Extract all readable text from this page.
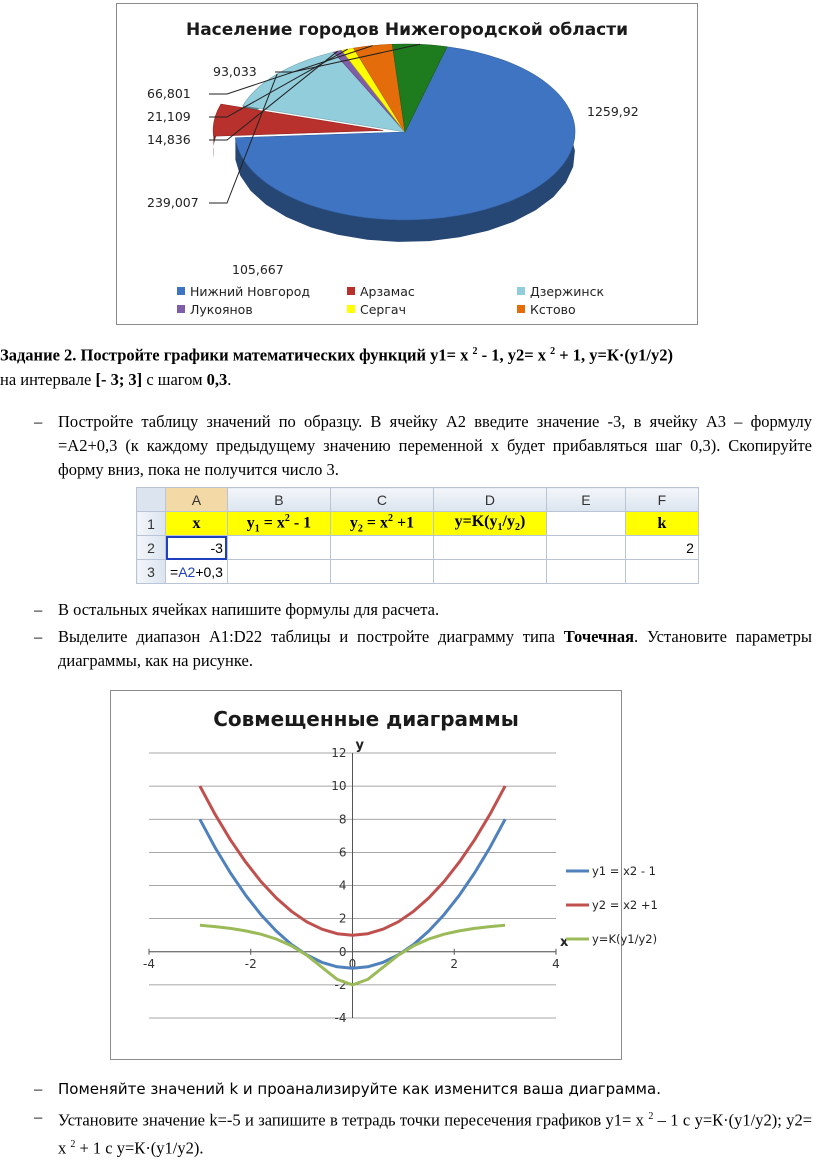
Население городов Нижегородской области
1259,92
105,667
239,007
14,836
21,109
66,801
93,033
Нижний Новгород	Арзамас	Дзержинск
Лукоянов	Сергач	Кстово
Задание 2. Постройте графики математических функций y1= x $^2$ - 1, y2= x $^2$ + 1, y=К·(y1/y2)
на интервале [- 3; 3] с шагом 0,3.
– Постройте таблицу значений по образцу. В ячейку А2 введите значение -3, в ячейку А3 – формулу =А2+0,3 (к каждому предыдущему значению переменной х будет прибавляться шаг 0,3). Скопируйте форму вниз, пока не получится число 3.

	A	B	C	D	E	F
1	x	$y_1 = x^2 - 1$	$y_2 = x^2 +1$	$y=K(y_1/y_2)$		k
2	-3					2
3	=A2+0,3					
– В остальных ячейках напишите формулы для расчета.

– Выделите диапазон А1:D22 таблицы и постройте диаграмму типа Точечная. Установите параметры диаграммы, как на рисунке.

Совмещенные диаграммы
-4
-2
0
2
4
6
8
10
12
-4	-2	0	2	4
x
y
y1 = x2 - 1
y2 = x2 +1
y=K(y1/y2)
– Поменяйте значений k и проанализируйте как изменится ваша диаграмма.

– Установите значение k=-5 и запишите в тетрадь точки пересечения графиков y1= x $^2$ – 1 с y=К·(y1/y2); y2= x $^2$ + 1 с y=К·(y1/y2).
